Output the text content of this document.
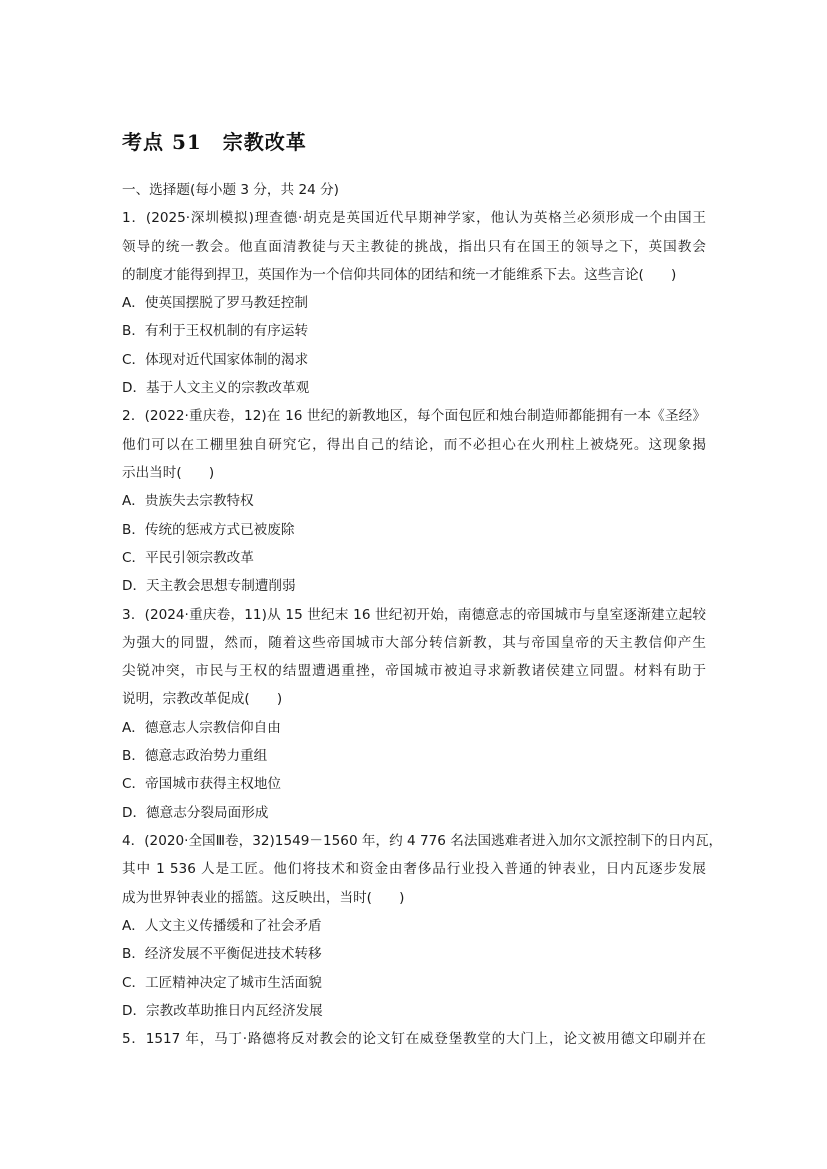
考点 51　宗教改革
一、选择题(每小题 3 分，共 24 分)
1．(2025·深圳模拟)理查德·胡克是英国近代早期神学家，他认为英格兰必须形成一个由国王
领导的统一教会。他直面清教徒与天主教徒的挑战，指出只有在国王的领导之下，英国教会
的制度才能得到捍卫，英国作为一个信仰共同体的团结和统一才能维系下去。这些言论(　　)
A．使英国摆脱了罗马教廷控制
B．有利于王权机制的有序运转
C．体现对近代国家体制的渴求
D．基于人文主义的宗教改革观
2．(2022·重庆卷，12)在 16 世纪的新教地区，每个面包匠和烛台制造师都能拥有一本《圣经》
他们可以在工棚里独自研究它，得出自己的结论，而不必担心在火刑柱上被烧死。这现象揭
示出当时(　　)
A．贵族失去宗教特权
B．传统的惩戒方式已被废除
C．平民引领宗教改革
D．天主教会思想专制遭削弱
3．(2024·重庆卷，11)从 15 世纪末 16 世纪初开始，南德意志的帝国城市与皇室逐渐建立起较
为强大的同盟，然而，随着这些帝国城市大部分转信新教，其与帝国皇帝的天主教信仰产生
尖锐冲突，市民与王权的结盟遭遇重挫，帝国城市被迫寻求新教诸侯建立同盟。材料有助于
说明，宗教改革促成(　　)
A．德意志人宗教信仰自由
B．德意志政治势力重组
C．帝国城市获得主权地位
D．德意志分裂局面形成
4．(2020·全国Ⅲ卷，32)1549－1560 年，约 4 776 名法国逃难者进入加尔文派控制下的日内瓦，
其中 1 536 人是工匠。他们将技术和资金由奢侈品行业投入普通的钟表业，日内瓦逐步发展
成为世界钟表业的摇篮。这反映出，当时(　　)
A．人文主义传播缓和了社会矛盾
B．经济发展不平衡促进技术转移
C．工匠精神决定了城市生活面貌
D．宗教改革助推日内瓦经济发展
5．1517 年，马丁·路德将反对教会的论文钉在威登堡教堂的大门上，论文被用德文印刷并在
